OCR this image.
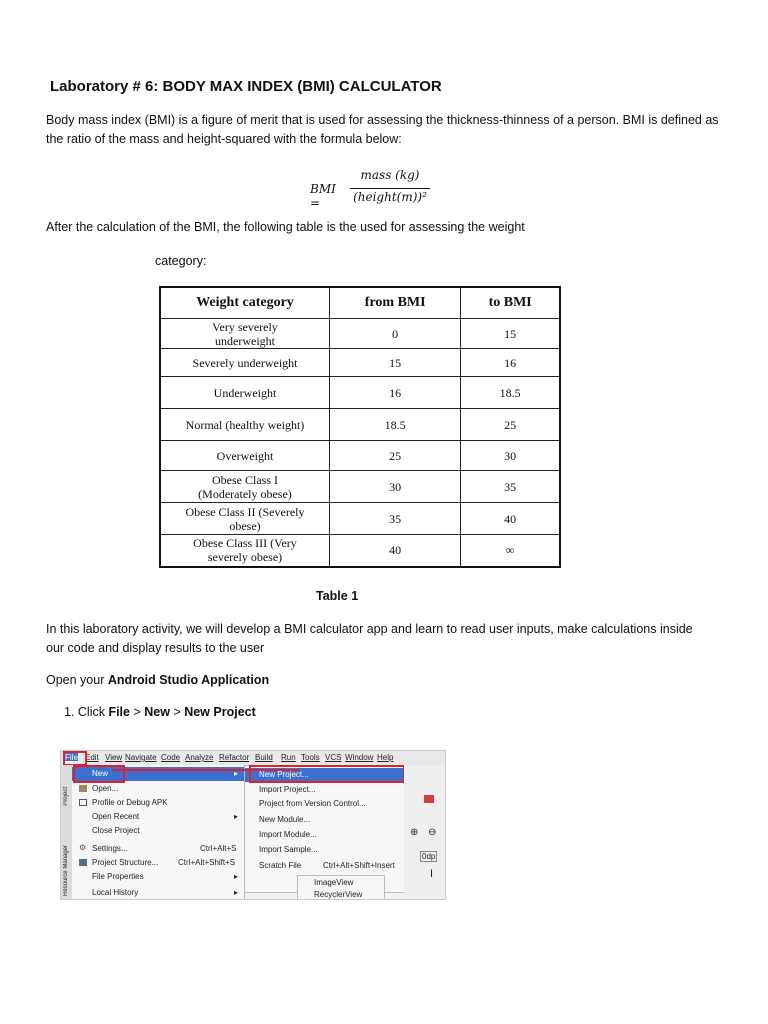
Laboratory # 6: BODY MAX INDEX (BMI) CALCULATOR
Body mass index (BMI) is a figure of merit that is used for assessing the thickness-thinness of a person. BMI is defined as
the ratio of the mass and height-squared with the formula below:
BMI =
mass (kg)
(height(m))²
After the calculation of the BMI, the following table is the used for assessing the weight
category:
Weight category	from BMI	to BMI

Very severely
underweight	0	15

Severely underweight	15	16

Underweight	16	18.5

Normal (healthy weight)	18.5	25

Overweight	25	30

Obese Class I
(Moderately obese)	30	35

Obese Class II (Severely
obese)	35	40

Obese Class III (Very
severely obese)	40	∞
Table 1
In this laboratory activity, we will develop a BMI calculator app and learn to read user inputs, make calculations inside
our code and display results to the user
Open your Android Studio Application
1. Click File > New > New Project
File Edit View Navigate Code Analyze Refactor Build Run Tools VCS Window Help
Project
Resource Manager
New	▸
Open...
Profile or Debug APK
Open Recent	▸
Close Project
⚙ Settings...	Ctrl+Alt+S
Project Structure... Ctrl+Alt+Shift+S
File Properties	▸
Local History	▸
New Project...
Import Project...
Project from Version Control...
New Module...
Import Module...
Import Sample...
Scratch File	Ctrl+Alt+Shift+Insert
⊕ ⊖
0dp
I
ImageView
RecyclerView
